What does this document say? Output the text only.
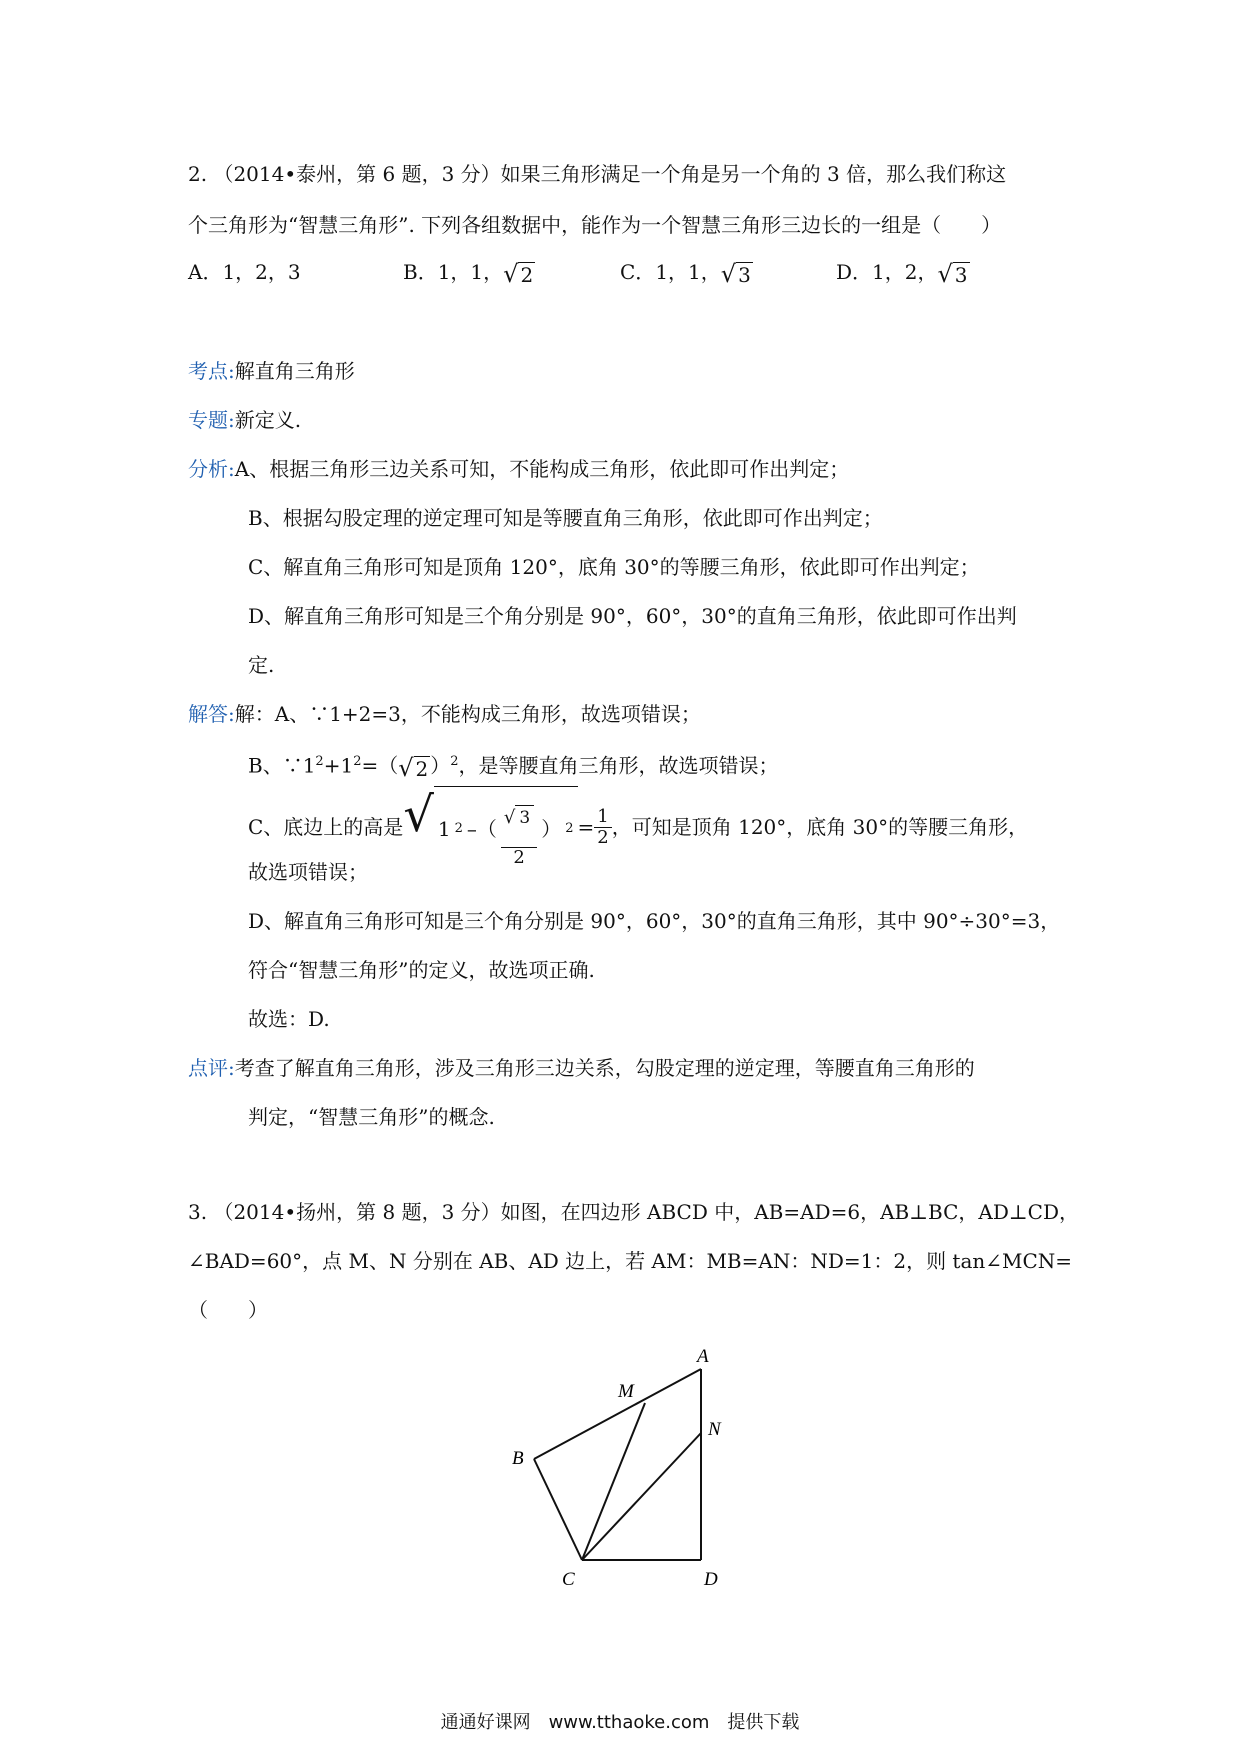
2. （2014•泰州，第 6 题，3 分）如果三角形满足一个角是另一个角的 3 倍，那么我们称这
个三角形为“智慧三角形”. 下列各组数据中，能作为一个智慧三角形三边长的一组是（　　）
A．1，2，3	B．1，1，√ 2	C．1，1，√ 3	D．1，2，√ 3
考点:解直角三角形
专题:新定义.
分析:A、根据三角形三边关系可知，不能构成三角形，依此即可作出判定；
B、根据勾股定理的逆定理可知是等腰直角三角形，依此即可作出判定；
C、解直角三角形可知是顶角 120°，底角 30°的等腰三角形，依此即可作出判定；
D、解直角三角形可知是三个角分别是 90°，60°，30°的直角三角形，依此即可作出判
定.
解答:解：A、∵1+2=3，不能构成三角形，故选项错误；
B、$\because 1^2+1^2=(√$ 2 ）$^2$，是等腰直角三角形，故选项错误；
C、底边上的高是 √ 1 2 –（ $\frac{√ 3}{2}$ ） $2 = \frac{1}{2}$ ，可知是顶角 120°，底角 30°的等腰三角形，
故选项错误；
D、解直角三角形可知是三个角分别是 90°，60°，30°的直角三角形，其中 90°÷30°=3，
符合“智慧三角形”的定义，故选项正确.
故选：D.
点评:考查了解直角三角形，涉及三角形三边关系，勾股定理的逆定理，等腰直角三角形的
判定，“智慧三角形”的概念.
3. （2014•扬州，第 8 题，3 分）如图，在四边形 ABCD 中，AB=AD=6，AB⊥BC，AD⊥CD，
∠BAD=60°，点 M、N 分别在 AB、AD 边上，若 AM：MB=AN：ND=1：2，则 tan∠MCN=
（　　）
A
M
N
B
C	D
通通好课网　www.tthaoke.com　提供下载
